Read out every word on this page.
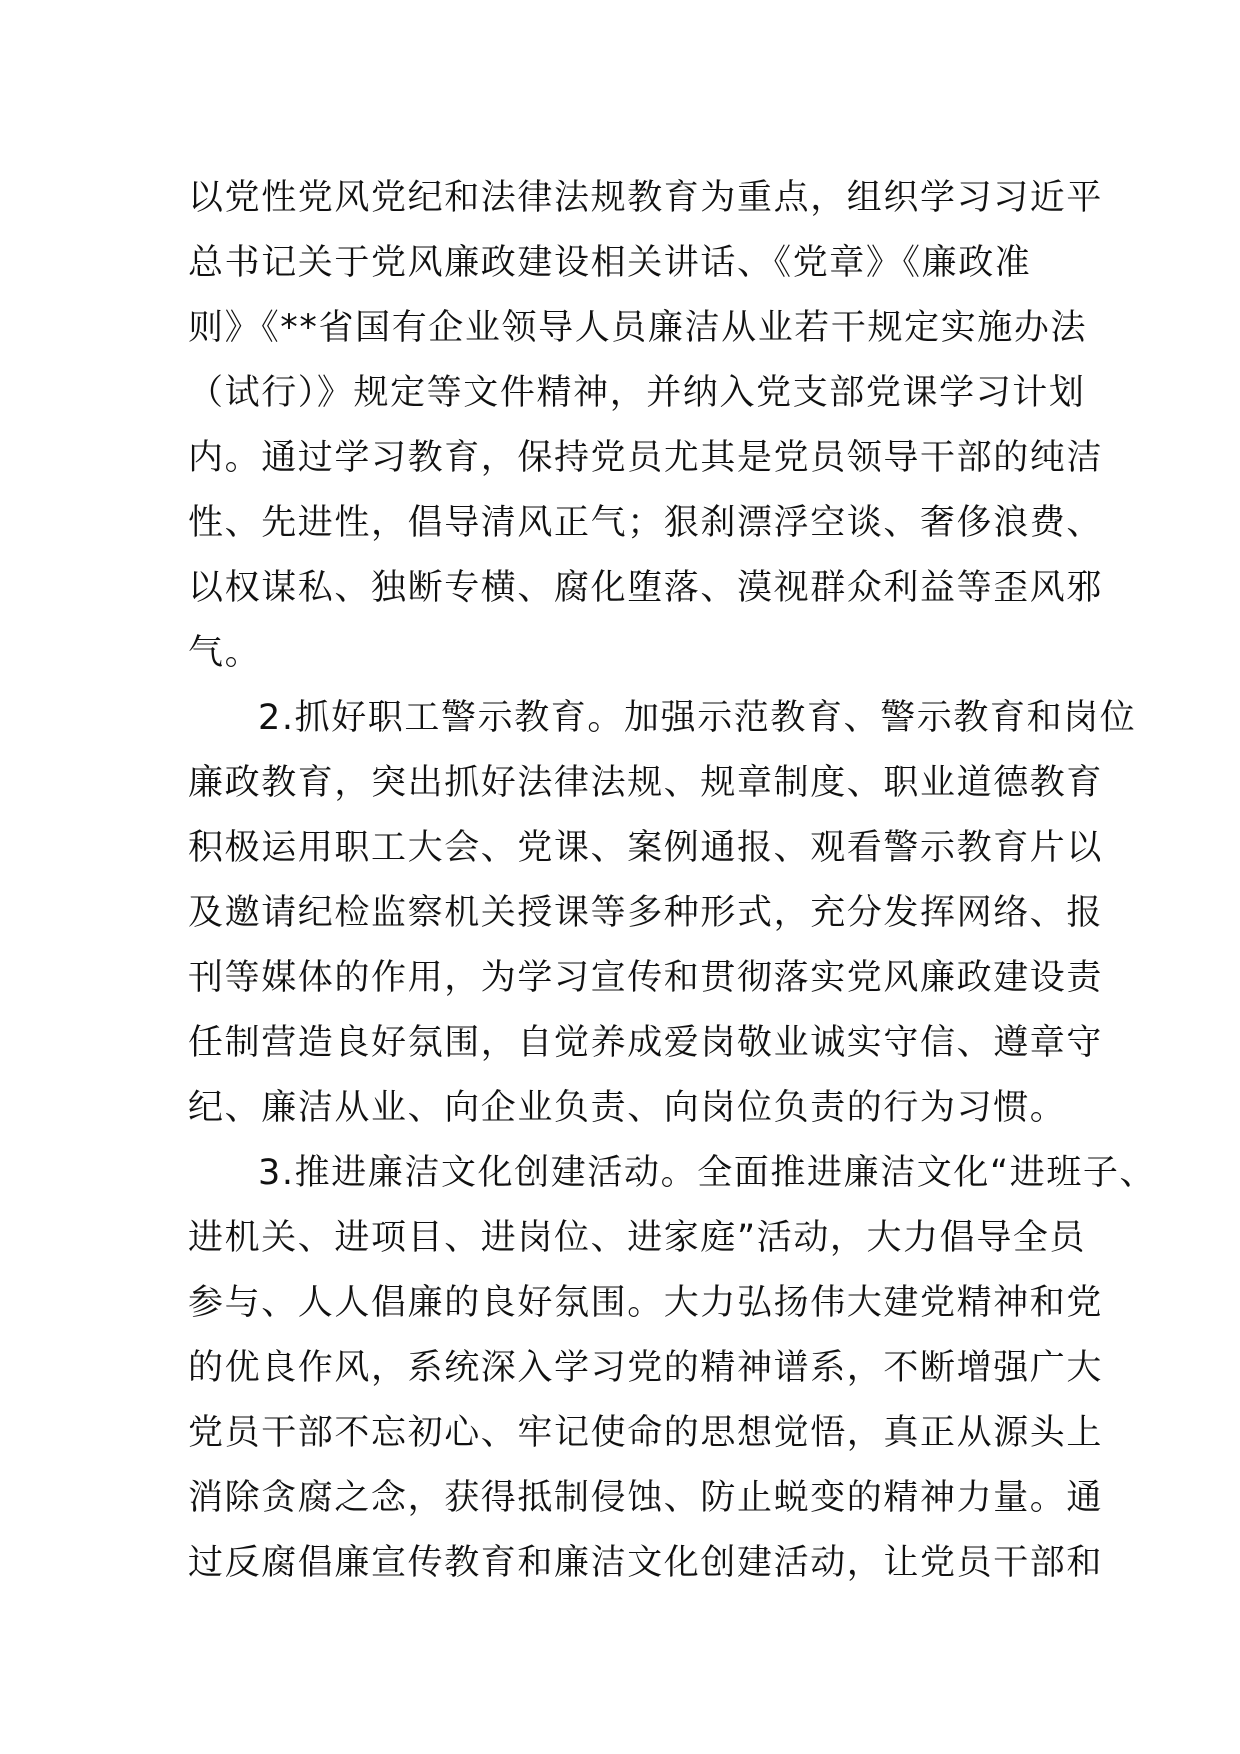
以党性党风党纪和法律法规教育为重点，组织学习习近平
总书记关于党风廉政建设相关讲话、《党章》《廉政准
则》《**省国有企业领导人员廉洁从业若干规定实施办法
（试行）》规定等文件精神，并纳入党支部党课学习计划
内。通过学习教育，保持党员尤其是党员领导干部的纯洁
性、先进性，倡导清风正气；狠刹漂浮空谈、奢侈浪费、
以权谋私、独断专横、腐化堕落、漠视群众利益等歪风邪
气。
2.抓好职工警示教育。加强示范教育、警示教育和岗位
廉政教育，突出抓好法律法规、规章制度、职业道德教育
积极运用职工大会、党课、案例通报、观看警示教育片以
及邀请纪检监察机关授课等多种形式，充分发挥网络、报
刊等媒体的作用，为学习宣传和贯彻落实党风廉政建设责
任制营造良好氛围，自觉养成爱岗敬业诚实守信、遵章守
纪、廉洁从业、向企业负责、向岗位负责的行为习惯。
3.推进廉洁文化创建活动。全面推进廉洁文化“进班子、
进机关、进项目、进岗位、进家庭”活动，大力倡导全员
参与、人人倡廉的良好氛围。大力弘扬伟大建党精神和党
的优良作风，系统深入学习党的精神谱系，不断增强广大
党员干部不忘初心、牢记使命的思想觉悟，真正从源头上
消除贪腐之念，获得抵制侵蚀、防止蜕变的精神力量。通
过反腐倡廉宣传教育和廉洁文化创建活动，让党员干部和
